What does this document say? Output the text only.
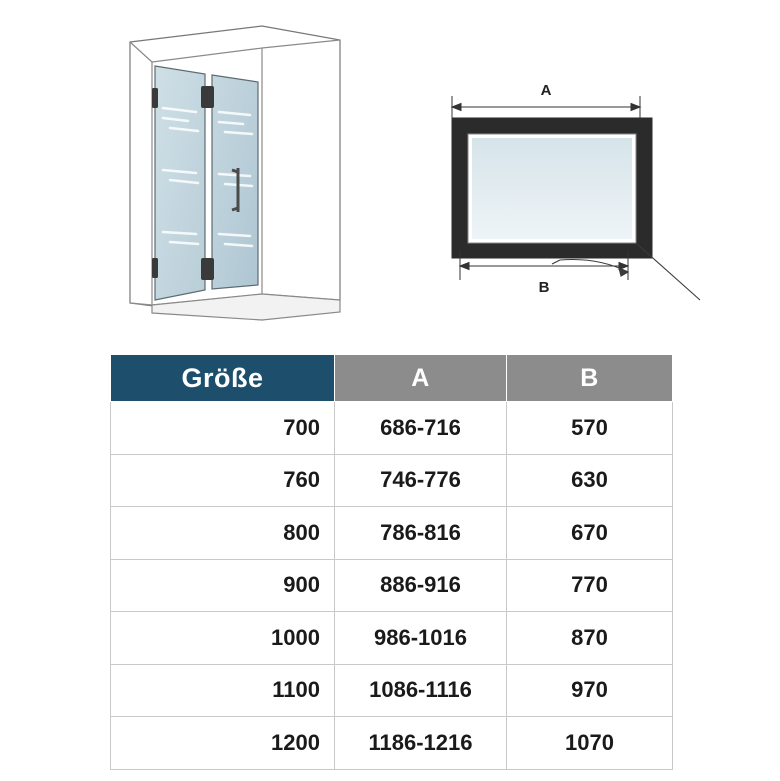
A
B
Größe	A	B
700	686-716	570
760	746-776	630
800	786-816	670
900	886-916	770
1000	986-1016	870
1100	1086-1116	970
1200	1186-1216	1070
